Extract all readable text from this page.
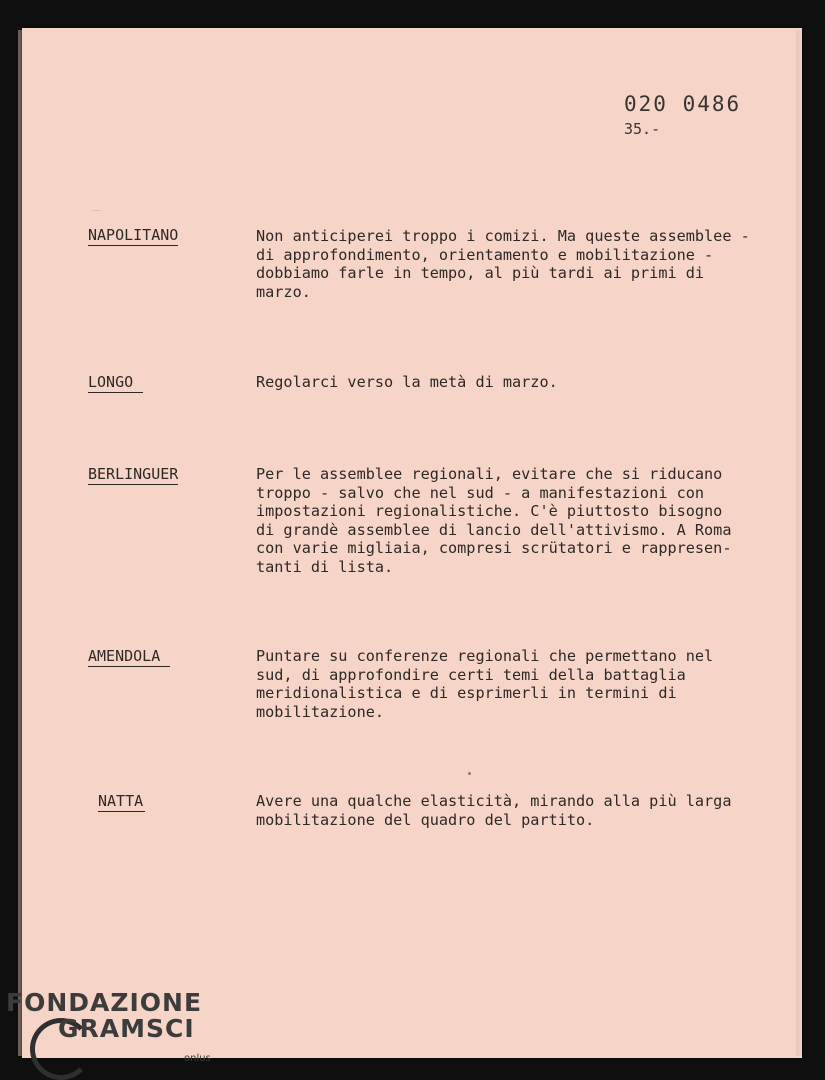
020 0486
35.-
NAPOLITANO	Non anticiperei troppo i comizi. Ma queste assemblee -
di approfondimento, orientamento e mobilitazione -
dobbiamo farle in tempo, al più tardi ai primi di
marzo.
LONGO	Regolarci verso la metà di marzo.
BERLINGUER	Per le assemblee regionali, evitare che si riducano
troppo - salvo che nel sud - a manifestazioni con
impostazioni regionalistiche. C'è piuttosto bisogno
di grandè assemblee di lancio dell'attivismo. A Roma
con varie migliaia, compresi scrütatori e rappresen-
tanti di lista.
AMENDOLA	Puntare su conferenze regionali che permettano nel
sud, di approfondire certi temi della battaglia
meridionalistica e di esprimerli in termini di
mobilitazione.
NATTA	Avere una qualche elasticità, mirando alla più larga
mobilitazione del quadro del partito.
FONDAZIONE
GRAMSCI
onlus
